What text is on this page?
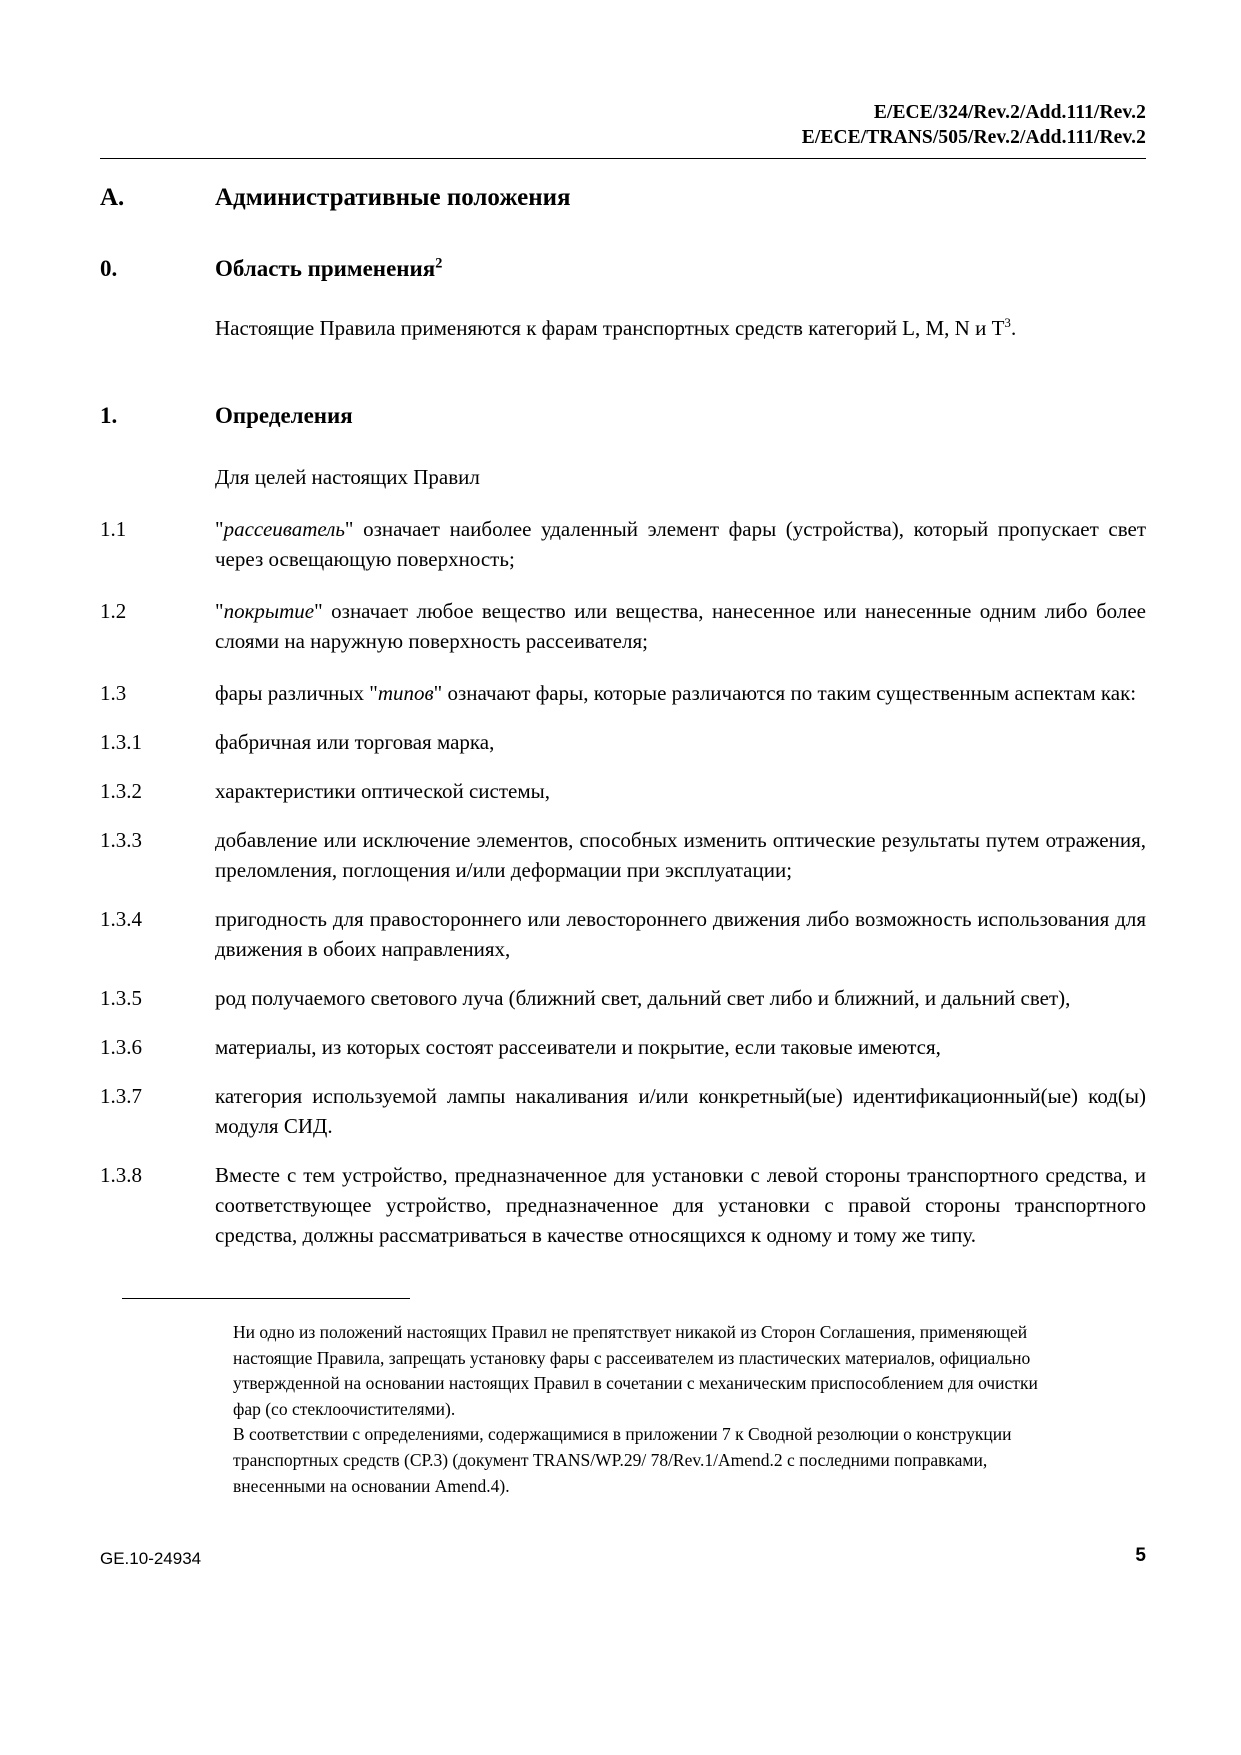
E/ECE/324/Rev.2/Add.111/Rev.2
E/ECE/TRANS/505/Rev.2/Add.111/Rev.2
A.	Административные положения
0.	Область применения$^2$
Настоящие Правила применяются к фарам транспортных средств категорий L, M, N и $T^3$.
1.	Определения
Для целей настоящих Правил
1.1	"рассеиватель" означает наиболее удаленный элемент фары (устройства), который пропускает свет через освещающую поверхность;
1.2	"покрытие" означает любое вещество или вещества, нанесенное или нанесенные одним либо более слоями на наружную поверхность рассеивателя;
1.3	фары различных "типов" означают фары, которые различаются по таким существенным аспектам как:
1.3.1	фабричная или торговая марка,
1.3.2	характеристики оптической системы,
1.3.3	добавление или исключение элементов, способных изменить оптические результаты путем отражения, преломления, поглощения и/или деформации при эксплуатации;
1.3.4	пригодность для правостороннего или левостороннего движения либо возможность использования для движения в обоих направлениях,
1.3.5	род получаемого светового луча (ближний свет, дальний свет либо и ближний, и дальний свет),
1.3.6	материалы, из которых состоят рассеиватели и покрытие, если таковые имеются,
1.3.7	категория используемой лампы накаливания и/или конкретный(ые) идентификационный(ые) код(ы) модуля СИД.
1.3.8	Вместе с тем устройство, предназначенное для установки с левой стороны транспортного средства, и соответствующее устройство, предназначенное для установки с правой стороны транспортного средства, должны рассматриваться в качестве относящихся к одному и тому же типу.

Ни одно из положений настоящих Правил не препятствует никакой из Сторон Соглашения, применяющей настоящие Правила, запрещать установку фары с рассеивателем из пластических материалов, официально утвержденной на основании настоящих Правил в сочетании с механическим приспособлением для очистки фар (со стеклоочистителями).

В соответствии с определениями, содержащимися в приложении 7 к Сводной резолюции о конструкции транспортных средств (СР.3) (документ TRANS/WP.29/ 78/Rev.1/Amend.2 с последними поправками, внесенными на основании Amend.4).

GE.10-24934	5
